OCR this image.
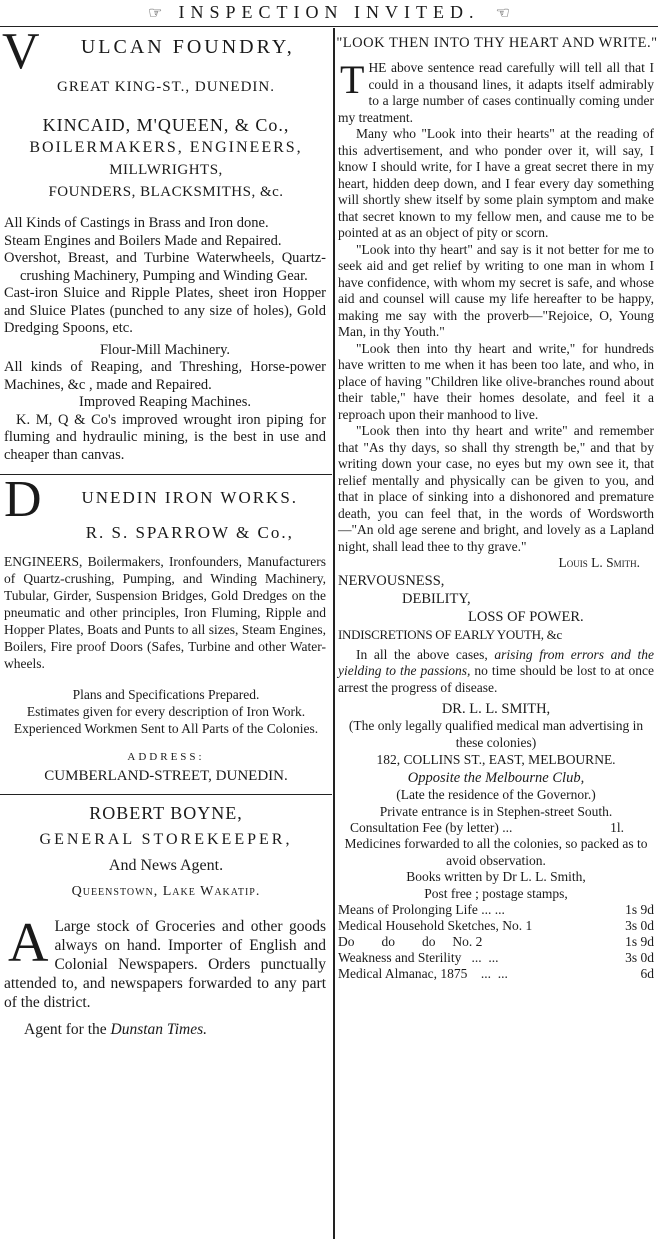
☞ INSPECTION INVITED. ☜
V	ULCAN FOUNDRY,
GREAT KING-ST., DUNEDIN.
KINCAID, M'QUEEN, & Co.,
BOILERMAKERS, ENGINEERS,
MILLWRIGHTS,
FOUNDERS, BLACKSMITHS, &c.

All Kinds of Castings in Brass and Iron done.

Steam Engines and Boilers Made and Repaired.

Overshot, Breast, and Turbine Waterwheels, Quartz-crushing Machinery, Pumping and Winding Gear.

Cast-iron Sluice and Ripple Plates, sheet iron Hopper and Sluice Plates (punched to any size of holes), Gold Dredging Spoons, etc.

Flour-Mill Machinery.

All kinds of Reaping, and Threshing, Horse-power Machines, &c , made and Repaired.

Improved Reaping Machines.

K. M, Q & Co's improved wrought iron piping for fluming and hydraulic mining, is the best in use and cheaper than canvas.

D	UNEDIN IRON WORKS.
R. S. SPARROW & Co.,

ENGINEERS, Boilermakers, Ironfounders, Manufacturers of Quartz-crushing, Pumping, and Winding Machinery, Tubular, Girder, Suspension Bridges, Gold Dredges on the pneumatic and other principles, Iron Fluming, Ripple and Hopper Plates, Boats and Punts to all sizes, Steam Engines, Boilers, Fire proof Doors (Safes, Turbine and other Water-wheels.

Plans and Specifications Prepared.

Estimates given for every description of Iron Work.

Experienced Workmen Sent to All Parts of the Colonies.

ADDRESS:
CUMBERLAND-STREET, DUNEDIN.
ROBERT BOYNE,
GENERAL STOREKEEPER,
And News Agent.
Queenstown, Lake Wakatip.
A Large stock of Groceries and other goods always on hand. Importer of English and Colonial Newspapers. Orders punctually attended to, and newspapers forwarded to any part of the district.

Agent for the Dunstan Times.

"LOOK THEN INTO THY HEART AND WRITE."
T HE above sentence read carefully will tell all that I could in a thousand lines, it adapts itself admirably to a large number of cases continually coming under my treatment.

Many who "Look into their hearts" at the reading of this advertisement, and who ponder over it, will say, I know I should write, for I have a great secret there in my heart, hidden deep down, and I fear every day something will shortly shew itself by some plain symptom and make that secret known to my fellow men, and cause me to be pointed at as an object of pity or scorn.

"Look into thy heart" and say is it not better for me to seek aid and get relief by writing to one man in whom I have confidence, with whom my secret is safe, and whose aid and counsel will cause my life hereafter to be happy, making me say with the proverb—"Rejoice, O, Young Man, in thy Youth."

"Look then into thy heart and write," for hundreds have written to me when it has been too late, and who, in place of having "Children like olive-branches round about their table," have their homes desolate, and feel it a reproach upon their manhood to live.

"Look then into thy heart and write" and remember that "As thy days, so shall thy strength be," and that by writing down your case, no eyes but my own see it, that relief mentally and physically can be given to you, and that in place of sinking into a dishonored and premature death, you can feel that, in the words of Wordsworth—"An old age serene and bright, and lovely as a Lapland night, shall lead thee to thy grave."

Louis L. Smith.

NERVOUSNESS,

DEBILITY,

LOSS OF POWER.

INDISCRETIONS OF EARLY YOUTH, &c

In all the above cases, arising from errors and the yielding to the passions, no time should be lost to at once arrest the progress of disease.

DR. L. L. SMITH,

(The only legally qualified medical man advertising in these colonies)

182, COLLINS ST., EAST, MELBOURNE.

Opposite the Melbourne Club,

(Late the residence of the Governor.)

Private entrance is in Stephen-street South.

Consultation Fee (by letter) ...	1l.

Medicines forwarded to all the colonies, so packed as to avoid observation.

Books written by Dr L. L. Smith,

Post free ; postage stamps,

Means of Prolonging Life ... ...	1s 9d
Medical Household Sketches, No. 1	3s 0d
Do        do        do     No. 2	1s 9d
Weakness and Sterility   ...  ...	3s 0d
Medical Almanac, 1875    ...  ...	6d
